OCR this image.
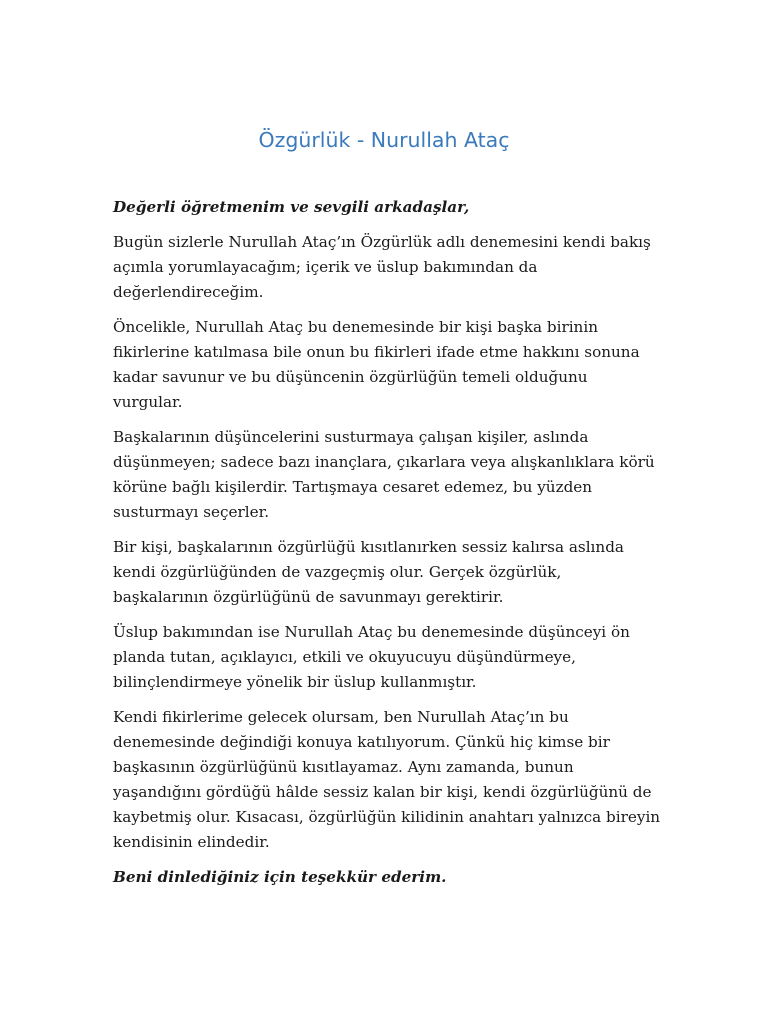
Özgürlük - Nurullah Ataç

Değerli öğretmenim ve sevgili arkadaşlar,

Bugün sizlerle Nurullah Ataç’ın Özgürlük adlı denemesini kendi bakış açımla yorumlayacağım; içerik ve üslup bakımından da değerlendireceğim.

Öncelikle, Nurullah Ataç bu denemesinde bir kişi başka birinin fikirlerine katılmasa bile onun bu fikirleri ifade etme hakkını sonuna kadar savunur ve bu düşüncenin özgürlüğün temeli olduğunu vurgular.

Başkalarının düşüncelerini susturmaya çalışan kişiler, aslında düşünmeyen; sadece bazı inançlara, çıkarlara veya alışkanlıklara körü körüne bağlı kişilerdir. Tartışmaya cesaret edemez, bu yüzden susturmayı seçerler.

Bir kişi, başkalarının özgürlüğü kısıtlanırken sessiz kalırsa aslında kendi özgürlüğünden de vazgeçmiş olur. Gerçek özgürlük, başkalarının özgürlüğünü de savunmayı gerektirir.

Üslup bakımından ise Nurullah Ataç bu denemesinde düşünceyi ön planda tutan, açıklayıcı, etkili ve okuyucuyu düşündürmeye, bilinçlendirmeye yönelik bir üslup kullanmıştır.

Kendi fikirlerime gelecek olursam, ben Nurullah Ataç’ın bu denemesinde değindiği konuya katılıyorum. Çünkü hiç kimse bir başkasının özgürlüğünü kısıtlayamaz. Aynı zamanda, bunun yaşandığını gördüğü hâlde sessiz kalan bir kişi, kendi özgürlüğünü de kaybetmiş olur. Kısacası, özgürlüğün kilidinin anahtarı yalnızca bireyin kendisinin elindedir.

Beni dinlediğiniz için teşekkür ederim.
